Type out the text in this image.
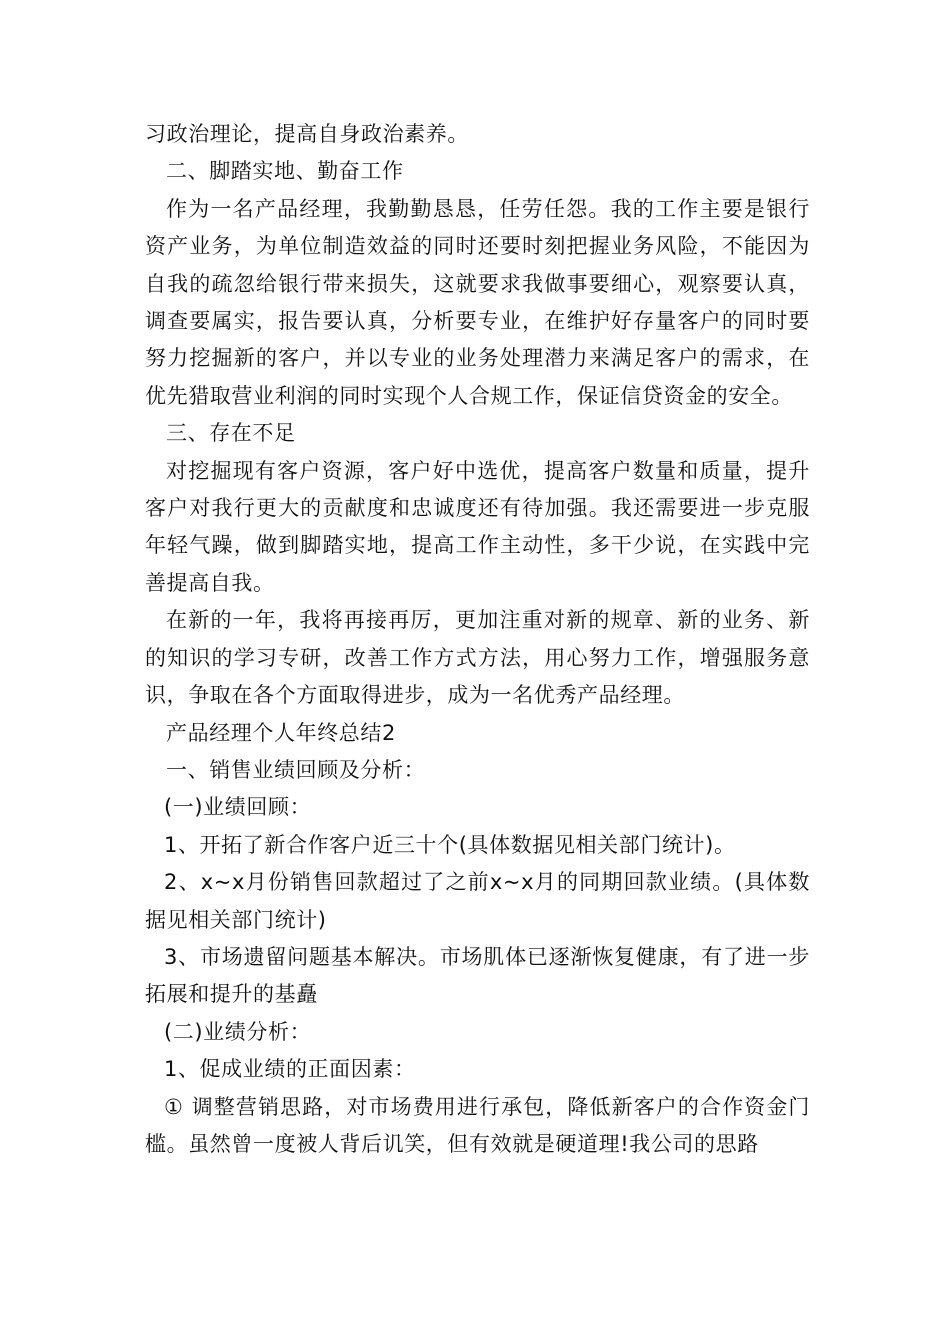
习政治理论，提高自身政治素养。

二、脚踏实地、勤奋工作

作为一名产品经理，我勤勤恳恳，任劳任怨。我的工作主要是银行资产业务，为单位制造效益的同时还要时刻把握业务风险，不能因为自我的疏忽给银行带来损失，这就要求我做事要细心，观察要认真，调查要属实，报告要认真，分析要专业，在维护好存量客户的同时要努力挖掘新的客户，并以专业的业务处理潜力来满足客户的需求，在优先猎取营业利润的同时实现个人合规工作，保证信贷资金的安全。

三、存在不足

对挖掘现有客户资源，客户好中选优，提高客户数量和质量，提升客户对我行更大的贡献度和忠诚度还有待加强。我还需要进一步克服年轻气躁，做到脚踏实地，提高工作主动性，多干少说，在实践中完善提高自我。

在新的一年，我将再接再厉，更加注重对新的规章、新的业务、新的知识的学习专研，改善工作方式方法，用心努力工作，增强服务意识，争取在各个方面取得进步，成为一名优秀产品经理。

产品经理个人年终总结2

一、销售业绩回顾及分析：

(一)业绩回顾：

1、开拓了新合作客户近三十个(具体数据见相关部门统计)。

2、x~x月份销售回款超过了之前x~x月的同期回款业绩。(具体数据见相关部门统计)

3、市场遗留问题基本解决。市场肌体已逐渐恢复健康，有了进一步拓展和提升的基矗

(二)业绩分析：

1、促成业绩的正面因素：

① 调整营销思路，对市场费用进行承包，降低新客户的合作资金门槛。虽然曾一度被人背后讥笑，但有效就是硬道理!我公司的思路
